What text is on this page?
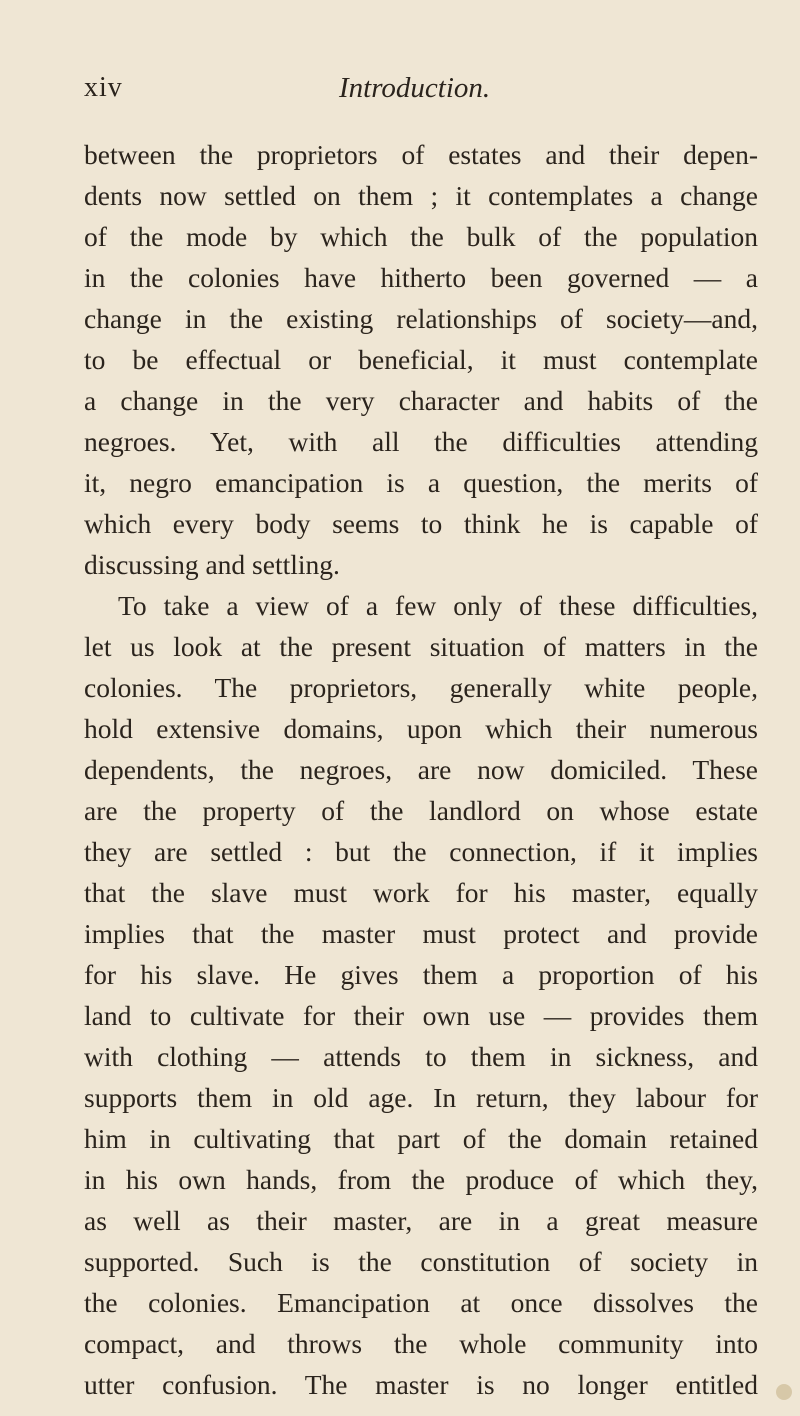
xiv	Introduction.
between the proprietors of estates and their depen-
dents now settled on them ; it contemplates a change
of the mode by which the bulk of the population
in the colonies have hitherto been governed — a
change in the existing relationships of society—and,
to be effectual or beneficial, it must contemplate
a change in the very character and habits of the
negroes. Yet, with all the difficulties attending
it, negro emancipation is a question, the merits of
which every body seems to think he is capable of
discussing and settling.
To take a view of a few only of these difficulties,
let us look at the present situation of matters in the
colonies. The proprietors, generally white people,
hold extensive domains, upon which their numerous
dependents, the negroes, are now domiciled. These
are the property of the landlord on whose estate
they are settled : but the connection, if it implies
that the slave must work for his master, equally
implies that the master must protect and provide
for his slave. He gives them a proportion of his
land to cultivate for their own use — provides them
with clothing — attends to them in sickness, and
supports them in old age. In return, they labour for
him in cultivating that part of the domain retained
in his own hands, from the produce of which they,
as well as their master, are in a great measure
supported. Such is the constitution of society in
the colonies. Emancipation at once dissolves the
compact, and throws the whole community into
utter confusion. The master is no longer entitled
